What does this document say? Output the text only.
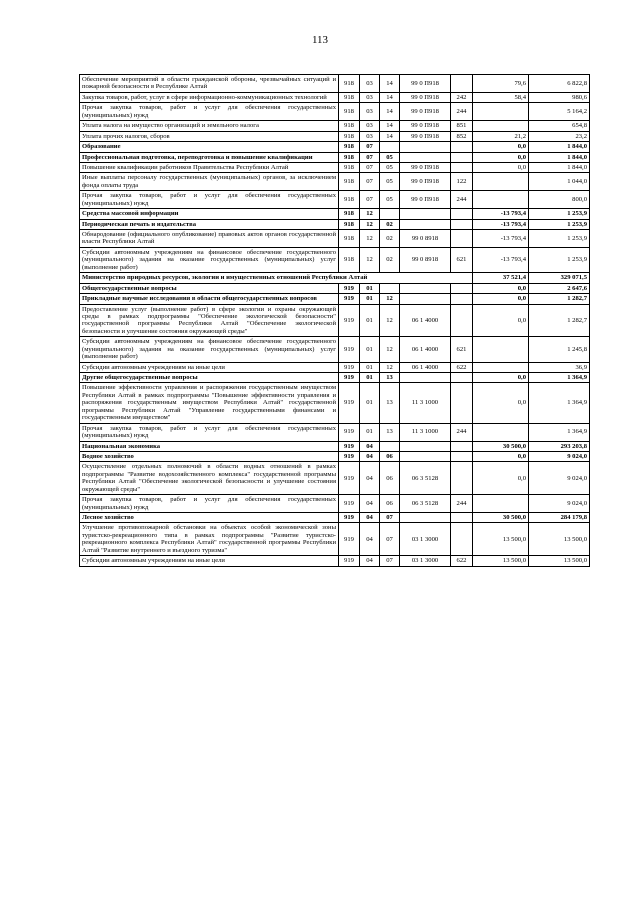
113
Обеспечение мероприятий в области гражданской обороны, чрезвычайных ситуаций и пожарной безопасности в Республике Алтай	918	03	14	99 0 П918		79,6	6 822,8
Закупка товаров, работ, услуг в сфере информационно-коммуникационных технологий	918	03	14	99 0 П918	242	58,4	980,6
Прочая закупка товаров, работ и услуг для обеспечения государственных (муниципальных) нужд	918	03	14	99 0 П918	244		5 164,2
Уплата налога на имущество организаций и земельного налога	918	03	14	99 0 П918	851		654,8
Уплата прочих налогов, сборов	918	03	14	99 0 П918	852	21,2	23,2
Образование	918	07				0,0	1 844,0
Профессиональная подготовка, переподготовка и повышение квалификации	918	07	05			0,0	1 844,0
Повышение квалификации работников Правительства Республики Алтай	918	07	05	99 0 П918		0,0	1 844,0
Иные выплаты персоналу государственных (муниципальных) органов, за исключением фонда оплаты труда	918	07	05	99 0 П918	122		1 044,0
Прочая закупка товаров, работ и услуг для обеспечения государственных (муниципальных) нужд	918	07	05	99 0 П918	244		800,0
Средства массовой информации	918	12				-13 793,4	1 253,9
Периодическая печать и издательства	918	12	02			-13 793,4	1 253,9
Обнародование (официального опубликование) правовых актов органов государственной власти Республики Алтай	918	12	02	99 0 8918		-13 793,4	1 253,9
Субсидии автономным учреждениям на финансовое обеспечение государственного (муниципального) задания на оказание государственных (муниципальных) услуг (выполнение работ)	918	12	02	99 0 8918	621	-13 793,4	1 253,9
Министерство природных ресурсов, экологии и имущественных отношений Республики Алтай						37 521,4	329 071,5
Общегосударственные вопросы	919	01				0,0	2 647,6
Прикладные научные исследования в области общегосударственных вопросов	919	01	12			0,0	1 282,7
Предоставление услуг (выполнение работ) в сфере экологии и охраны окружающей среды в рамках подпрограммы "Обеспечение экологической безопасности" государственной программы Республики Алтай "Обеспечение экологической безопасности и улучшение состояния окружающей среды"	919	01	12	06 1 4000		0,0	1 282,7
Субсидии автономным учреждениям на финансовое обеспечение государственного (муниципального) задания на оказание государственных (муниципальных) услуг (выполнение работ)	919	01	12	06 1 4000	621		1 245,8
Субсидии автономным учреждениям на иные цели	919	01	12	06 1 4000	622		36,9
Другие общегосударственные вопросы	919	01	13			0,0	1 364,9
Повышение эффективности управления и распоряжения государственным имуществом Республики Алтай в рамках подпрограммы "Повышение эффективности управления и распоряжения государственным имуществом Республики Алтай" государственной программы Республики Алтай "Управление государственными финансами и государственным имуществом"	919	01	13	11 3 1000		0,0	1 364,9
Прочая закупка товаров, работ и услуг для обеспечения государственных (муниципальных) нужд	919	01	13	11 3 1000	244		1 364,9
Национальная экономика	919	04				30 500,0	293 203,8
Водное хозяйство	919	04	06			0,0	9 024,0
Осуществление отдельных полномочий в области водных отношений в рамках подпрограммы "Развитие водохозяйственного комплекса" государственной программы Республики Алтай "Обеспечение экологической безопасности и улучшение состояния окружающей среды"	919	04	06	06 3 5128		0,0	9 024,0
Прочая закупка товаров, работ и услуг для обеспечения государственных (муниципальных) нужд	919	04	06	06 3 5128	244		9 024,0
Лесное хозяйство	919	04	07			30 500,0	284 179,8
Улучшение противопожарной обстановки на объектах особой экономической зоны туристско-рекреационного типа в рамках подпрограммы "Развитие туристско-рекреационного комплекса Республики Алтай" государственной программы Республики Алтай "Развитие внутреннего и въездного туризма"	919	04	07	03 1 3000		13 500,0	13 500,0
Субсидии автономным учреждениям на иные цели	919	04	07	03 1 3000	622	13 500,0	13 500,0
